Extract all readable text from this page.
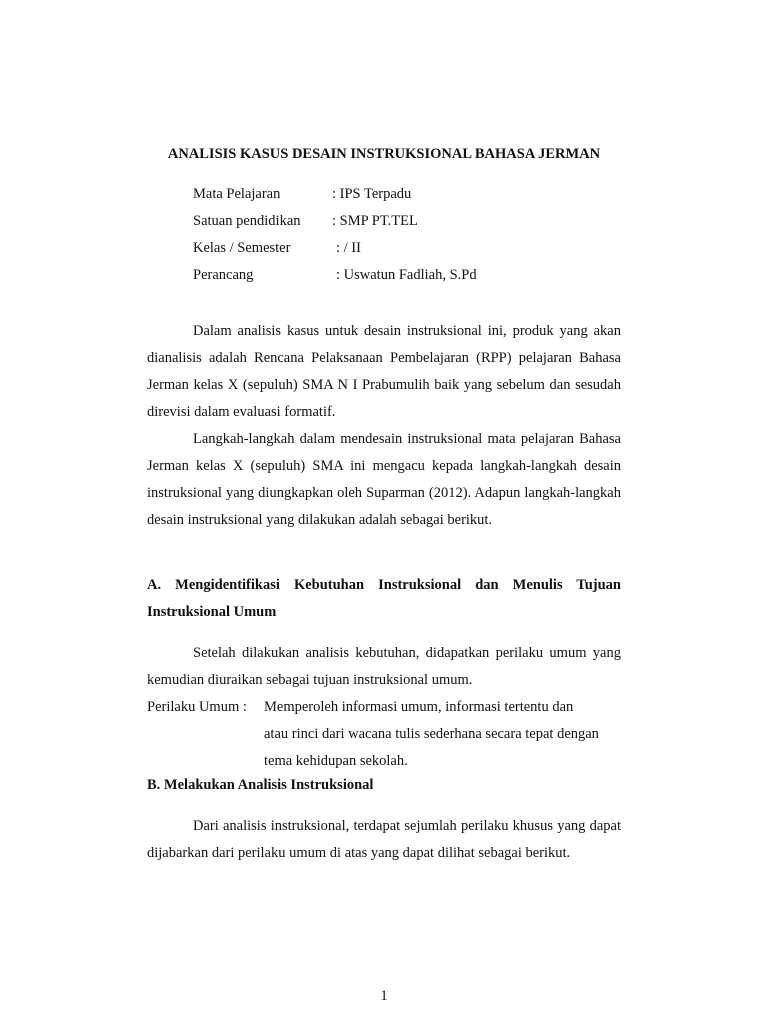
ANALISIS KASUS DESAIN INSTRUKSIONAL BAHASA JERMAN
Mata Pelajaran	: IPS Terpadu
Satuan pendidikan : SMP PT.TEL
Kelas / Semester	: / II
Perancang	: Uswatun Fadliah, S.Pd

Dalam analisis kasus untuk desain instruksional ini, produk yang akan dianalisis adalah Rencana Pelaksanaan Pembelajaran (RPP) pelajaran Bahasa Jerman kelas X (sepuluh) SMA N I Prabumulih baik yang sebelum dan sesudah direvisi dalam evaluasi formatif.

Langkah-langkah dalam mendesain instruksional mata pelajaran Bahasa Jerman kelas X (sepuluh) SMA ini mengacu kepada langkah-langkah desain instruksional yang diungkapkan oleh Suparman (2012). Adapun langkah-langkah desain instruksional yang dilakukan adalah sebagai berikut.

A. Mengidentifikasi Kebutuhan Instruksional dan Menulis Tujuan Instruksional Umum

Setelah dilakukan analisis kebutuhan, didapatkan perilaku umum yang kemudian diuraikan sebagai tujuan instruksional umum.

Perilaku Umum : Memperoleh informasi umum, informasi tertentu dan
atau rinci dari wacana tulis sederhana secara tepat dengan
tema kehidupan sekolah.
B. Melakukan Analisis Instruksional

Dari analisis instruksional, terdapat sejumlah perilaku khusus yang dapat dijabarkan dari perilaku umum di atas yang dapat dilihat sebagai berikut.

1
